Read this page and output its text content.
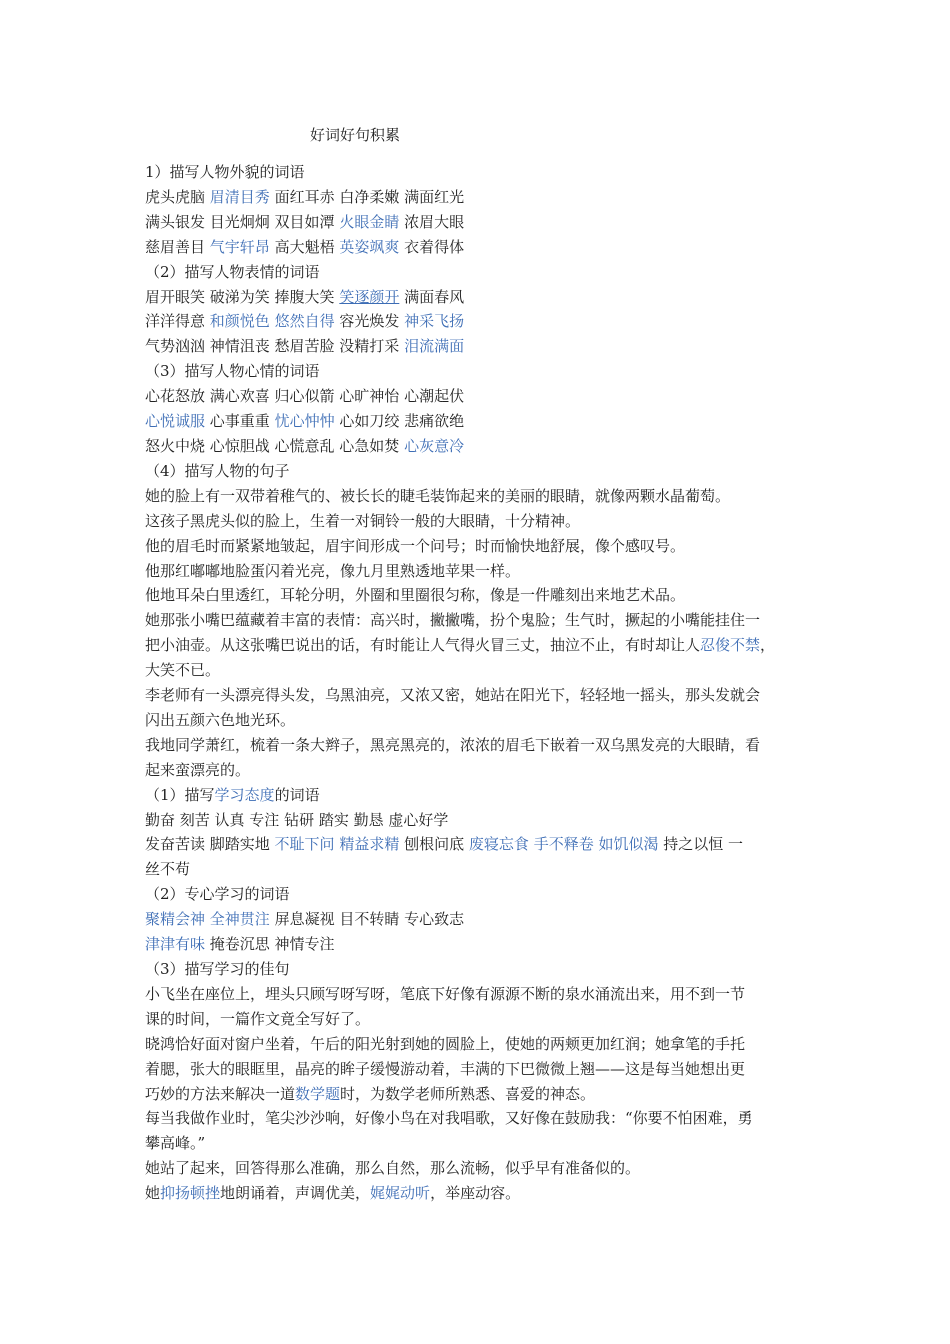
好词好句积累

1）描写人物外貌的词语

虎头虎脑 眉清目秀 面红耳赤 白净柔嫩 满面红光

满头银发 目光炯炯 双目如潭 火眼金睛 浓眉大眼

慈眉善目 气宇轩昂 高大魁梧 英姿飒爽 衣着得体

（2）描写人物表情的词语

眉开眼笑 破涕为笑 捧腹大笑 笑逐颜开 满面春风

洋洋得意 和颜悦色 悠然自得 容光焕发 神采飞扬

气势汹汹 神情沮丧 愁眉苦脸 没精打采 泪流满面

（3）描写人物心情的词语

心花怒放 满心欢喜 归心似箭 心旷神怡 心潮起伏

心悦诚服 心事重重 忧心忡忡 心如刀绞 悲痛欲绝

怒火中烧 心惊胆战 心慌意乱 心急如焚 心灰意冷

（4）描写人物的句子

她的脸上有一双带着稚气的、被长长的睫毛装饰起来的美丽的眼睛，就像两颗水晶葡萄。

这孩子黑虎头似的脸上，生着一对铜铃一般的大眼睛，十分精神。

他的眉毛时而紧紧地皱起，眉宇间形成一个问号；时而愉快地舒展，像个感叹号。

他那红嘟嘟地脸蛋闪着光亮，像九月里熟透地苹果一样。

他地耳朵白里透红，耳轮分明，外圈和里圈很匀称，像是一件雕刻出来地艺术品。

她那张小嘴巴蕴藏着丰富的表情：高兴时，撇撇嘴，扮个鬼脸；生气时，撅起的小嘴能挂住一

把小油壶。从这张嘴巴说出的话，有时能让人气得火冒三丈，抽泣不止，有时却让人忍俊不禁，

大笑不已。

李老师有一头漂亮得头发，乌黑油亮，又浓又密，她站在阳光下，轻轻地一摇头，那头发就会

闪出五颜六色地光环。

我地同学萧红，梳着一条大辫子，黑亮黑亮的，浓浓的眉毛下嵌着一双乌黑发亮的大眼睛，看

起来蛮漂亮的。

（1）描写学习态度的词语

勤奋 刻苦 认真 专注 钻研 踏实 勤恳 虚心好学

发奋苦读 脚踏实地 不耻下问 精益求精 刨根问底 废寝忘食 手不释卷 如饥似渴 持之以恒 一

丝不苟

（2）专心学习的词语

聚精会神 全神贯注 屏息凝视 目不转睛 专心致志

津津有味 掩卷沉思 神情专注

（3）描写学习的佳句

小飞坐在座位上，埋头只顾写呀写呀，笔底下好像有源源不断的泉水涌流出来，用不到一节

课的时间，一篇作文竟全写好了。

晓鸿恰好面对窗户坐着，午后的阳光射到她的圆脸上，使她的两颊更加红润；她拿笔的手托

着腮，张大的眼眶里，晶亮的眸子缓慢游动着，丰满的下巴微微上翘——这是每当她想出更

巧妙的方法来解决一道数学题时，为数学老师所熟悉、喜爱的神态。

每当我做作业时，笔尖沙沙响，好像小鸟在对我唱歌，又好像在鼓励我：“你要不怕困难，勇

攀高峰。”

她站了起来，回答得那么准确，那么自然，那么流畅，似乎早有准备似的。

她抑扬顿挫地朗诵着，声调优美，娓娓动听，举座动容。
